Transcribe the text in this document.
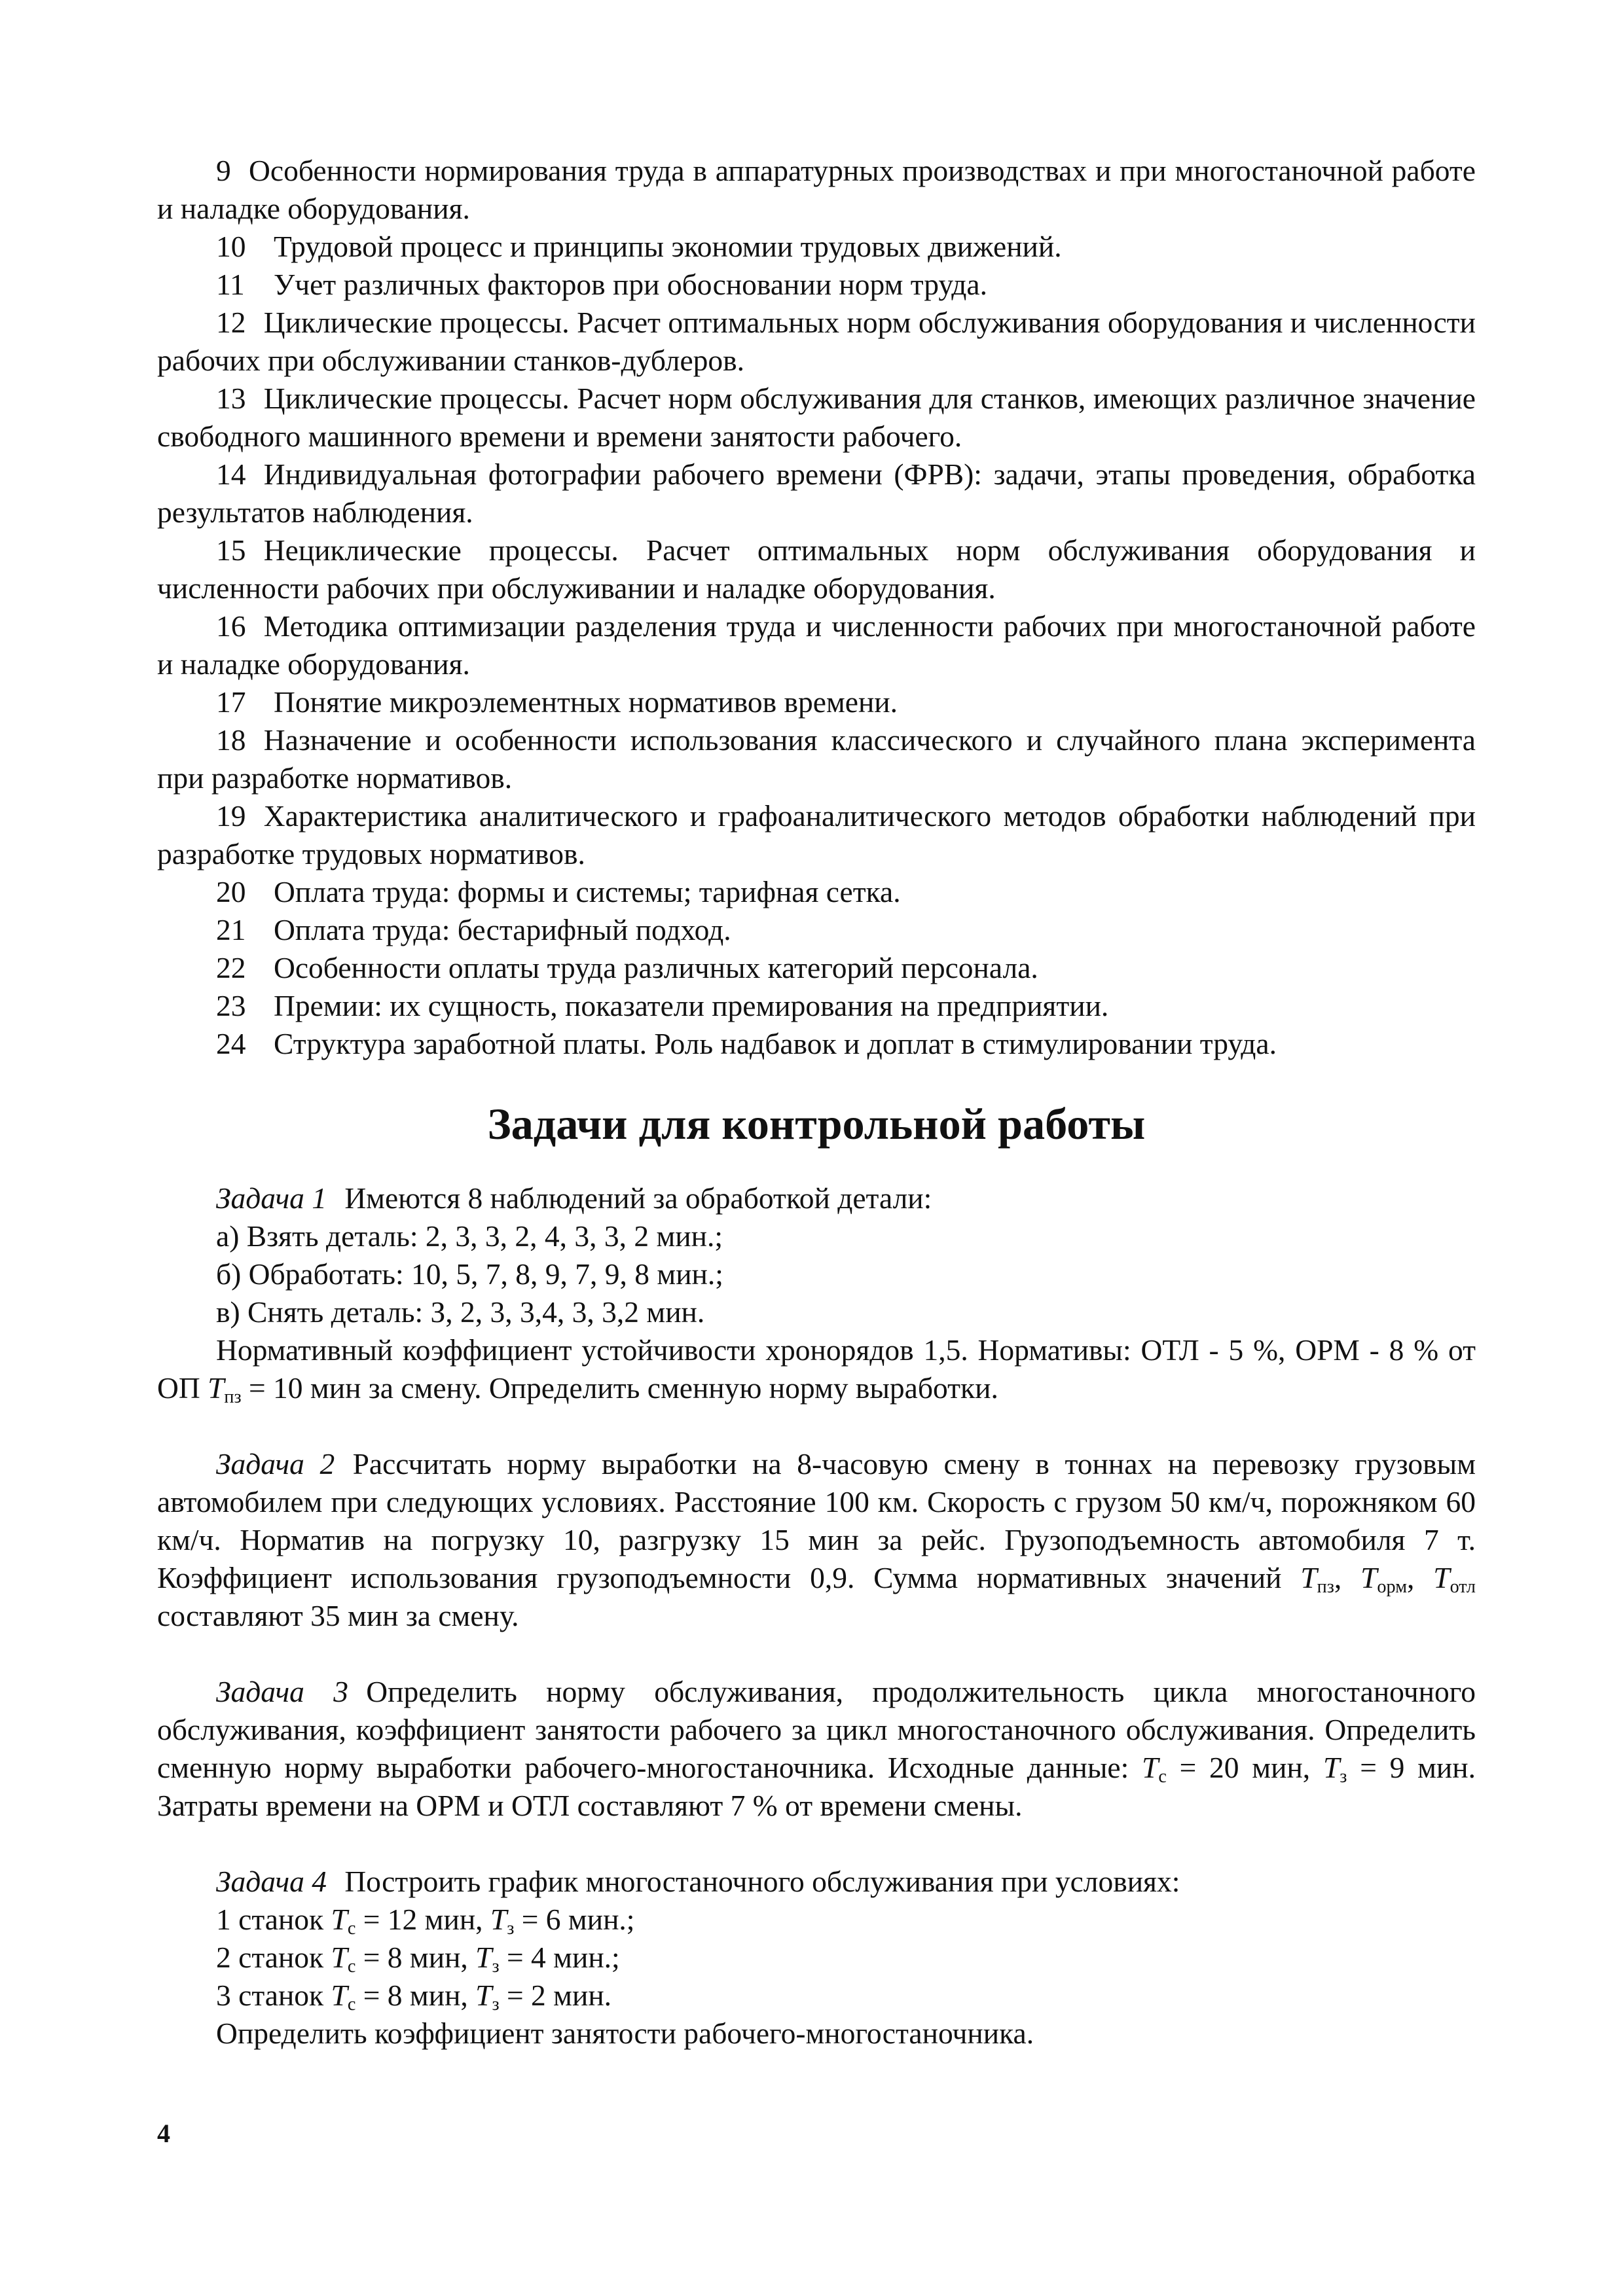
9 Особенности нормирования труда в аппаратурных производствах и при многостаночной работе и наладке оборудования.

10 Трудовой процесс и принципы экономии трудовых движений.

11 Учет различных факторов при обосновании норм труда.

12 Циклические процессы. Расчет оптимальных норм обслуживания оборудования и численности рабочих при обслуживании станков-дублеров.

13 Циклические процессы. Расчет норм обслуживания для станков, имеющих различное значение свободного машинного времени и времени занятости рабочего.

14 Индивидуальная фотографии рабочего времени (ФРВ): задачи, этапы проведения, обработка результатов наблюдения.

15 Нециклические процессы. Расчет оптимальных норм обслуживания оборудования и численности рабочих при обслуживании и наладке оборудования.

16 Методика оптимизации разделения труда и численности рабочих при многостаночной работе и наладке оборудования.

17 Понятие микроэлементных нормативов времени.

18 Назначение и особенности использования классического и случайного плана эксперимента при разработке нормативов.

19 Характеристика аналитического и графоаналитического методов обработки наблюдений при разработке трудовых нормативов.

20 Оплата труда: формы и системы; тарифная сетка.

21 Оплата труда: бестарифный подход.

22 Особенности оплаты труда различных категорий персонала.

23 Премии: их сущность, показатели премирования на предприятии.

24 Структура заработной платы. Роль надбавок и доплат в стимулировании труда.

Задачи для контрольной работы

Задача 1 Имеются 8 наблюдений за обработкой детали:

а) Взять деталь: 2, 3, 3, 2, 4, 3, 3, 2 мин.;

б) Обработать: 10, 5, 7, 8, 9, 7, 9, 8 мин.;

в) Снять деталь: З, 2, 3, 3,4, 3, 3,2 мин.

Нормативный коэффициент устойчивости хронорядов 1,5. Нормативы: ОТЛ - 5 %, ОРМ - 8 % от ОП $T_{пз} = 10$ мин за смену. Определить сменную норму выработки.

Задача 2 Рассчитать норму выработки на 8-часовую смену в тоннах на перевозку грузовым автомобилем при следующих условиях. Расстояние 100 км. Скорость с грузом 50 км/ч, порожняком 60 км/ч. Норматив на погрузку 10, разгрузку 15 мин за рейс. Грузоподъемность автомобиля 7 т. Коэффициент использования грузоподъемности 0,9. Сумма нормативных значений $T_{пз}$, $T_{орм}$, $T_{отл}$ составляют 35 мин за смену.

Задача 3 Определить норму обслуживания, продолжительность цикла многостаночного обслуживания, коэффициент занятости рабочего за цикл многостаночного обслуживания. Определить сменную норму выработки рабочего-многостаночника. Исходные данные: $T_с = 20$ мин, $T_з = 9$ мин. Затраты времени на ОРМ и ОТЛ составляют 7 % от времени смены.

Задача 4 Построить график многостаночного обслуживания при условиях:

1 станок $T_с = 12$ мин, $T_з = 6$ мин.;

2 станок $T_с = 8$ мин, $T_з = 4$ мин.;

3 станок $T_с = 8$ мин, $T_з = 2$ мин.

Определить коэффициент занятости рабочего-многостаночника.

4
